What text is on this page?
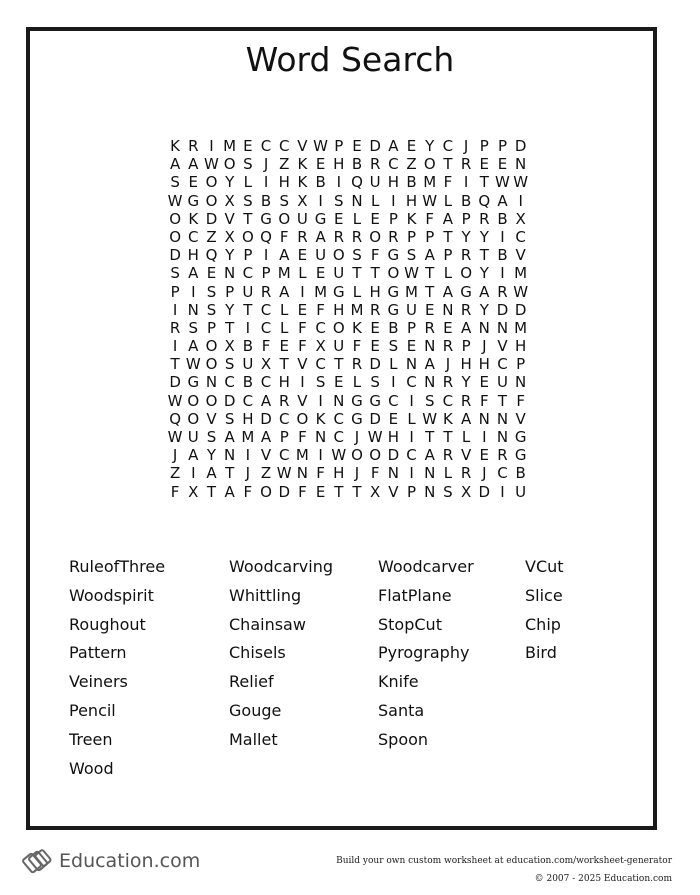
Word Search
K R I M E C C V W P E D A E Y C J P P D
A A W O S J Z K E H B R C Z O T R E E N
S E O Y L I H K B I Q U H B M F I T W W
W G O X S B S X I S N L I H W L B Q A I
O K D V T G O U G E L E P K F A P R B X
O C Z X O Q F R A R R O R P P T Y Y I C
D H Q Y P I A E U O S F G S A P R T B V
S A E N C P M L E U T T O W T L O Y I M
P I S P U R A I M G L H G M T A G A R W
I N S Y T C L E F H M R G U E N R Y D D
R S P T I C L F C O K E B P R E A N N M
I A O X B F E F X U F E S E N R P J V H
T W O S U X T V C T R D L N A J H H C P
D G N C B C H I S E L S I C N R Y E U N
W O O D C A R V I N G G C I S C R F T F
Q O V S H D C O K C G D E L W K A N N V
W U S A M A P F N C J W H I T T L I N G
J A Y N I V C M I W O O D C A R V E R G
Z I A T J Z W N F H J F N I N L R J C B
F X T A F O D F E T T X V P N S X D I U
RuleofThree
Woodspirit
Roughout
Pattern
Veiners
Pencil
Treen
Wood
Woodcarving
Whittling
Chainsaw
Chisels
Relief
Gouge
Mallet
Woodcarver
FlatPlane
StopCut
Pyrography
Knife
Santa
Spoon
VCut
Slice
Chip
Bird
Education.com	Build your own custom worksheet at education.com/worksheet-generator
© 2007 - 2025 Education.com
